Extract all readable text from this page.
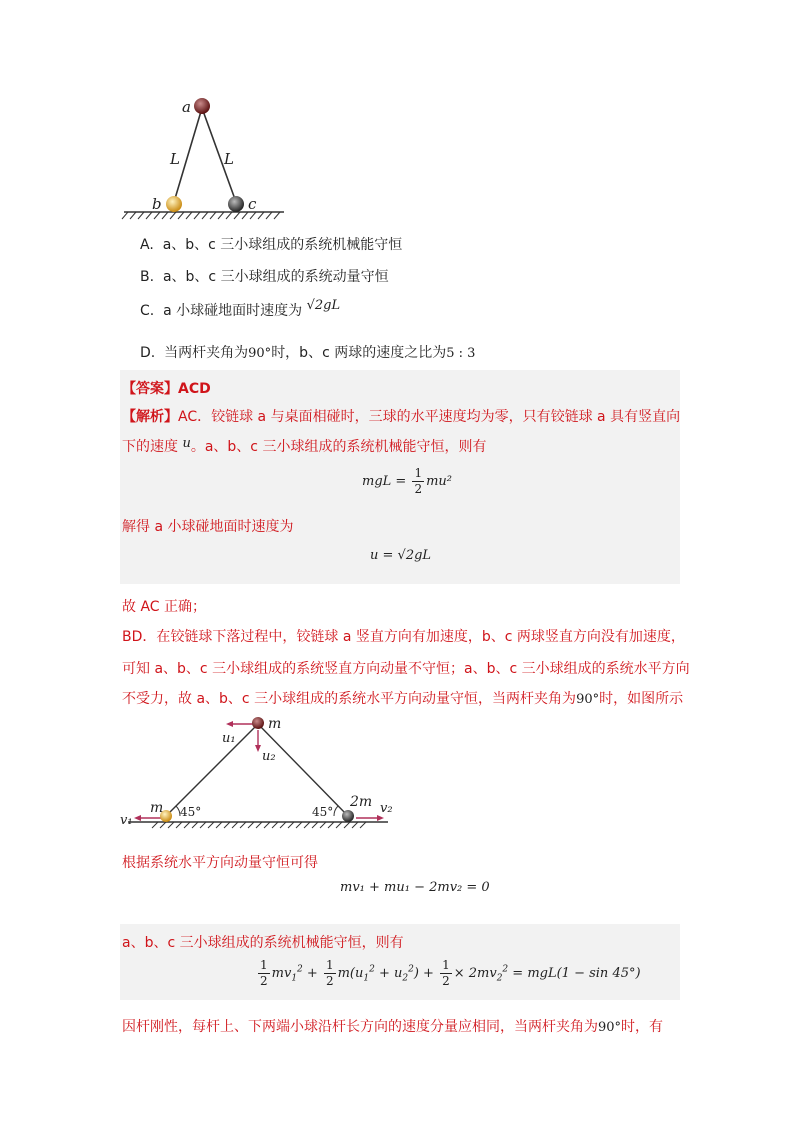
a
L	L
b	c
A. a、b、c 三小球组成的系统机械能守恒
B. a、b、c 三小球组成的系统动量守恒
C. a 小球碰地面时速度为 √2gL
D. 当两杆夹角为90°时，b、c 两球的速度之比为5 : 3
【答案】ACD
【解析】AC．铰链球 a 与桌面相碰时，三球的水平速度均为零，只有铰链球 a 具有竖直向
下的速度 u。a、b、c 三小球组成的系统机械能守恒，则有
mgL = $\frac{1}{2} mu^2$
解得 a 小球碰地面时速度为
u = √2gL
故 AC 正确；
BD．在铰链球下落过程中，铰链球 a 竖直方向有加速度，b、c 两球竖直方向没有加速度，
可知 a、b、c 三小球组成的系统竖直方向动量不守恒；a、b、c 三小球组成的系统水平方向
不受力，故 a、b、c 三小球组成的系统水平方向动量守恒，当两杆夹角为90°时，如图所示
m
u₁
u₂
m 45°	45°
2m
v₁
v₂
根据系统水平方向动量守恒可得
mv₁ + mu₁ − 2mv₂ = 0
a、b、c 三小球组成的系统机械能守恒，则有
$\frac{1}{2} mv_1^2 + \frac{1}{2} m(u_1^2 + u_2^2) + \frac{1}{2} \times 2mv_2^2 = mgL(1 - \sin 45^\circ)$
因杆刚性，每杆上、下两端小球沿杆长方向的速度分量应相同，当两杆夹角为90°时，有
